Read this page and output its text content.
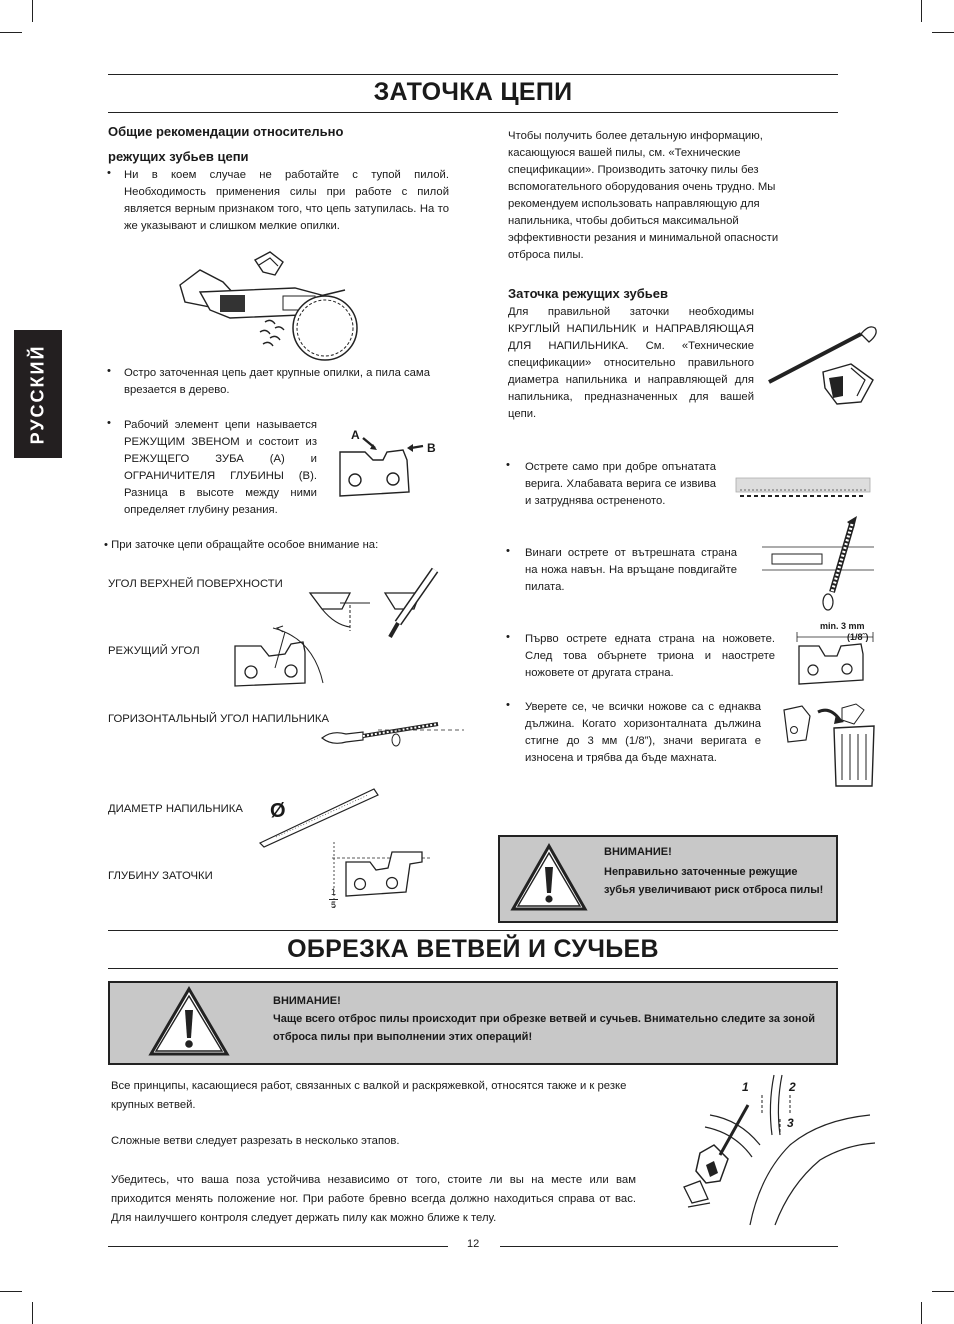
РУССКИЙ
ЗАТОЧКА ЦЕПИ
Общие рекомендации относительно
режущих зубьев цепи
• Ни в коем случае не работайте с тупой пилой. Необходимость применения силы при работе с пилой является верным признаком того, что цепь затупилась. На то же указывают и слишком мелкие опилки.
• Остро заточенная цепь дает крупные опилки, а пила сама врезается в дерево.
• Рабочий элемент цепи называется РЕЖУЩИМ ЗВЕНОМ и состоит из РЕЖУЩЕГО ЗУБА (А) и ОГРАНИЧИТЕЛЯ ГЛУБИНЫ (В). Разница в высоте между ними определяет глубину резания.
A
B
• При заточке цепи обращайте особое внимание на:
УГОЛ ВЕРХНЕЙ ПОВЕРХНОСТИ
РЕЖУЩИЙ УГОЛ
ГОРИЗОНТАЛЬНЫЙ УГОЛ НАПИЛЬНИКА
ДИАМЕТР НАПИЛЬНИКА
ГЛУБИНУ ЗАТОЧКИ
Ø
1
5
Чтобы получить более детальную информацию, касающуюся вашей пилы, см. «Технические спецификации». Производить заточку пилы без вспомогательного оборудования очень трудно. Мы рекомендуем использовать направляющую для напильника, чтобы добиться максимальной эффективности резания и минимальной опасности отброса пилы.
Заточка режущих зубьев
Для правильной заточки необходимы КРУГЛЫЙ НАПИЛЬНИК и НАПРАВЛЯЮЩАЯ ДЛЯ НАПИЛЬНИКА. См. «Технические спецификации» относительно правильного диаметра напильника и направляющей для напильника, предназначенных для вашей цепи.
• Острете само при добре опънатата верига. Хлабавата верига се извива и затруднява острененото.
• Винаги острете от вътрешната страна на ножа навън. На връщане повдигайте пилата.
• Първо острете едната страна на ножовете. След това обърнете триона и наострете ножовете от другата страна.
min. 3 mm
(1/8˝)
• Уверете се, че всички ножове са с еднаква дължина. Когато хоризонталната дължина стигне до 3 мм (1/8”), значи веригата е износена и трябва да бъде махната.
ВНИМАНИЕ!
Неправильно заточенные режущие зубья увеличивают риск отброса пилы!
ОБРЕЗКА ВЕТВЕЙ И СУЧЬЕВ
ВНИМАНИЕ!
Чаще всего отброс пилы происходит при обрезке ветвей и сучьев. Внимательно следите за зоной отброса пилы при выполнении этих операций!
Все принципы, касающиеся работ, связанных с валкой и раскряжевкой, относятся также и к резке крупных ветвей.
Сложные ветви следует разрезать в несколько этапов.
Убедитесь, что ваша поза устойчива независимо от того, стоите ли вы на месте или вам приходится менять положение ног. При работе бревно всегда должно находиться справа от вас. Для наилучшего контроля следует держать пилу как можно ближе к телу.
1	2
3
12
